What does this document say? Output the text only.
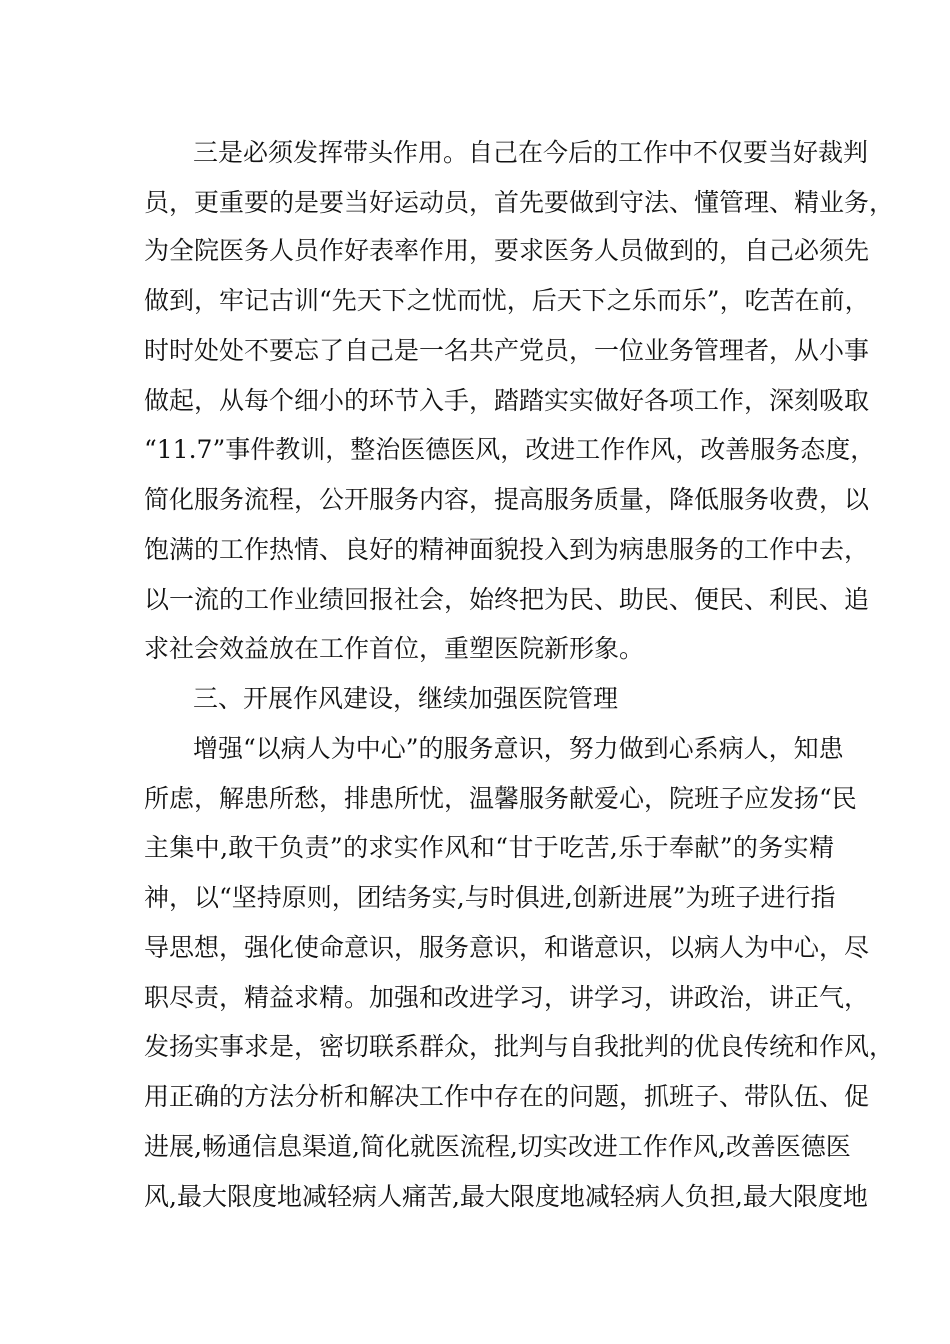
三是必须发挥带头作用。自己在今后的工作中不仅要当好裁判
员，更重要的是要当好运动员，首先要做到守法、懂管理、精业务，
为全院医务人员作好表率作用，要求医务人员做到的，自己必须先
做到，牢记古训“先天下之忧而忧，后天下之乐而乐”，吃苦在前，
时时处处不要忘了自己是一名共产党员，一位业务管理者，从小事
做起，从每个细小的环节入手，踏踏实实做好各项工作，深刻吸取
“11.7”事件教训，整治医德医风，改进工作作风，改善服务态度，
简化服务流程，公开服务内容，提高服务质量，降低服务收费，以
饱满的工作热情、良好的精神面貌投入到为病患服务的工作中去，
以一流的工作业绩回报社会，始终把为民、助民、便民、利民、追
求社会效益放在工作首位，重塑医院新形象。
三、开展作风建设，继续加强医院管理
增强“以病人为中心”的服务意识，努力做到心系病人，知患
所虑，解患所愁，排患所忧，温馨服务献爱心，院班子应发扬“民
主集中,敢干负责”的求实作风和“甘于吃苦,乐于奉献”的务实精
神，以“坚持原则，团结务实,与时俱进,创新进展”为班子进行指
导思想，强化使命意识，服务意识，和谐意识，以病人为中心，尽
职尽责，精益求精。加强和改进学习，讲学习，讲政治，讲正气，
发扬实事求是，密切联系群众，批判与自我批判的优良传统和作风，
用正确的方法分析和解决工作中存在的问题，抓班子、带队伍、促
进展,畅通信息渠道,简化就医流程,切实改进工作作风,改善医德医
风,最大限度地减轻病人痛苦,最大限度地减轻病人负担,最大限度地
